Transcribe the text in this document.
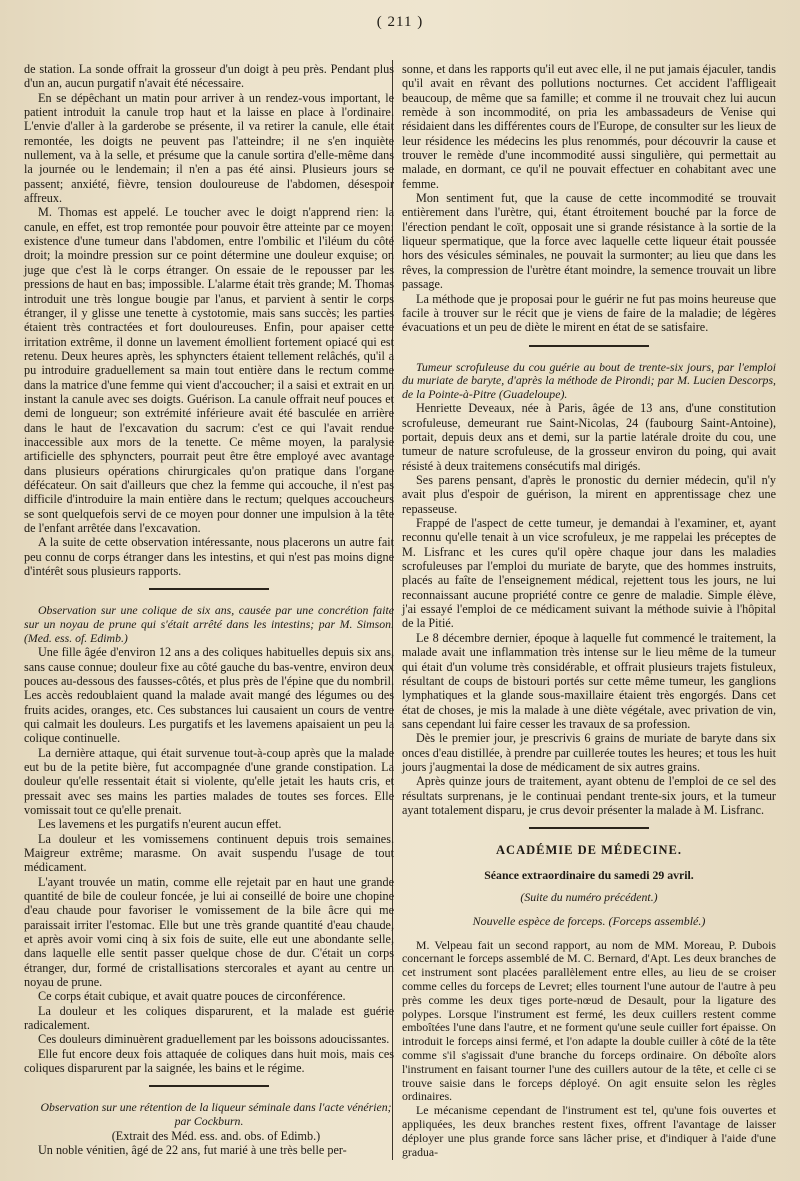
( 211 )

de station. La sonde offrait la grosseur d'un doigt à peu près. Pendant plus d'un an, aucun purgatif n'avait été nécessaire.

En se dépêchant un matin pour arriver à un rendez-vous important, le patient introduit la canule trop haut et la laisse en place à l'ordinaire. L'envie d'aller à la garderobe se présente, il va retirer la canule, elle était remontée, les doigts ne peuvent pas l'atteindre; il ne s'en inquiète nullement, va à la selle, et présume que la canule sortira d'elle-même dans la journée ou le lendemain; il n'en a pas été ainsi. Plusieurs jours se passent; anxiété, fièvre, tension douloureuse de l'abdomen, désespoir affreux.

M. Thomas est appelé. Le toucher avec le doigt n'apprend rien: la canule, en effet, est trop remontée pour pouvoir être atteinte par ce moyen: existence d'une tumeur dans l'abdomen, entre l'ombilic et l'iléum du côté droit; la moindre pression sur ce point détermine une douleur exquise; on juge que c'est là le corps étranger. On essaie de le repousser par les pressions de haut en bas; impossible. L'alarme était très grande; M. Thomas introduit une très longue bougie par l'anus, et parvient à sentir le corps étranger, il y glisse une tenette à cystotomie, mais sans succès; les parties étaient très contractées et fort douloureuses. Enfin, pour apaiser cette irritation extrême, il donne un lavement émollient fortement opiacé qui est retenu. Deux heures après, les sphyncters étaient tellement relâchés, qu'il a pu introduire graduellement sa main tout entière dans le rectum comme dans la matrice d'une femme qui vient d'accoucher; il a saisi et extrait en un instant la canule avec ses doigts. Guérison. La canule offrait neuf pouces et demi de longueur; son extrémité inférieure avait été basculée en arrière dans le haut de l'excavation du sacrum: c'est ce qui l'avait rendue inaccessible aux mors de la tenette. Ce même moyen, la paralysie artificielle des sphyncters, pourrait peut être être employé avec avantage dans plusieurs opérations chirurgicales qu'on pratique dans l'organe défécateur. On sait d'ailleurs que chez la femme qui accouche, il n'est pas difficile d'introduire la main entière dans le rectum; quelques accoucheurs se sont quelquefois servi de ce moyen pour donner une impulsion à la tête de l'enfant arrêtée dans l'excavation.

A la suite de cette observation intéressante, nous placerons un autre fait peu connu de corps étranger dans les intestins, et qui n'est pas moins digne d'intérêt sous plusieurs rapports.

Observation sur une colique de six ans, causée par une concrétion faite sur un noyau de prune qui s'était arrêté dans les intestins; par M. Simson. (Med. ess. of. Edimb.)

Une fille âgée d'environ 12 ans a des coliques habituelles depuis six ans, sans cause connue; douleur fixe au côté gauche du bas-ventre, environ deux pouces au-dessous des fausses-côtés, et plus près de l'épine que du nombril. Les accès redoublaient quand la malade avait mangé des légumes ou des fruits acides, oranges, etc. Ces substances lui causaient un cours de ventre qui calmait les douleurs. Les purgatifs et les lavemens apaisaient un peu la colique continuelle.

La dernière attaque, qui était survenue tout-à-coup après que la malade eut bu de la petite bière, fut accompagnée d'une grande constipation. La douleur qu'elle ressentait était si violente, qu'elle jetait les hauts cris, et pressait avec ses mains les parties malades de toutes ses forces. Elle vomissait tout ce qu'elle prenait.

Les lavemens et les purgatifs n'eurent aucun effet.

La douleur et les vomissemens continuent depuis trois semaines. Maigreur extrême; marasme. On avait suspendu l'usage de tout médicament.

L'ayant trouvée un matin, comme elle rejetait par en haut une grande quantité de bile de couleur foncée, je lui ai conseillé de boire une chopine d'eau chaude pour favoriser le vomissement de la bile âcre qui me paraissait irriter l'estomac. Elle but une très grande quantité d'eau chaude, et après avoir vomi cinq à six fois de suite, elle eut une abondante selle, dans laquelle elle sentit passer quelque chose de dur. C'était un corps étranger, dur, formé de cristallisations stercorales et ayant au centre un noyau de prune.

Ce corps était cubique, et avait quatre pouces de circonférence.

La douleur et les coliques disparurent, et la malade est guérie radicalement.

Ces douleurs diminuèrent graduellement par les boissons adoucissantes.

Elle fut encore deux fois attaquée de coliques dans huit mois, mais ces coliques disparurent par la saignée, les bains et le régime.

Observation sur une rétention de la liqueur séminale dans l'acte vénérien; par Cockburn.

(Extrait des Méd. ess. and. obs. of Edimb.)

Un noble vénitien, âgé de 22 ans, fut marié à une très belle per-

sonne, et dans les rapports qu'il eut avec elle, il ne put jamais éjaculer, tandis qu'il avait en rêvant des pollutions nocturnes. Cet accident l'affligeait beaucoup, de même que sa famille; et comme il ne trouvait chez lui aucun remède à son incommodité, on pria les ambassadeurs de Venise qui résidaient dans les différentes cours de l'Europe, de consulter sur les lieux de leur résidence les médecins les plus renommés, pour découvrir la cause et trouver le remède d'une incommodité aussi singulière, qui permettait au malade, en dormant, ce qu'il ne pouvait effectuer en cohabitant avec une femme.

Mon sentiment fut, que la cause de cette incommodité se trouvait entièrement dans l'urètre, qui, étant étroitement bouché par la force de l'érection pendant le coït, opposait une si grande résistance à la sortie de la liqueur spermatique, que la force avec laquelle cette liqueur était poussée hors des vésicules séminales, ne pouvait la surmonter; au lieu que dans les rêves, la compression de l'urètre étant moindre, la semence trouvait un libre passage.

La méthode que je proposai pour le guérir ne fut pas moins heureuse que facile à trouver sur le récit que je viens de faire de la maladie; de légères évacuations et un peu de diète le mirent en état de se satisfaire.

Tumeur scrofuleuse du cou guérie au bout de trente-six jours, par l'emploi du muriate de baryte, d'après la méthode de Pirondi; par M. Lucien Descorps, de la Pointe-à-Pitre (Guadeloupe).

Henriette Deveaux, née à Paris, âgée de 13 ans, d'une constitution scrofuleuse, demeurant rue Saint-Nicolas, 24 (faubourg Saint-Antoine), portait, depuis deux ans et demi, sur la partie latérale droite du cou, une tumeur de nature scrofuleuse, de la grosseur environ du poing, qui avait résisté à deux traitemens consécutifs mal dirigés.

Ses parens pensant, d'après le pronostic du dernier médecin, qu'il n'y avait plus d'espoir de guérison, la mirent en apprentissage chez une repasseuse.

Frappé de l'aspect de cette tumeur, je demandai à l'examiner, et, ayant reconnu qu'elle tenait à un vice scrofuleux, je me rappelai les préceptes de M. Lisfranc et les cures qu'il opère chaque jour dans les maladies scrofuleuses par l'emploi du muriate de baryte, que des hommes instruits, placés au faîte de l'enseignement médical, rejettent tous les jours, ne lui reconnaissant aucune propriété contre ce genre de maladie. Simple élève, j'ai essayé l'emploi de ce médicament suivant la méthode suivie à l'hôpital de la Pitié.

Le 8 décembre dernier, époque à laquelle fut commencé le traitement, la malade avait une inflammation très intense sur le lieu même de la tumeur qui était d'un volume très considérable, et offrait plusieurs trajets fistuleux, résultant de coups de bistouri portés sur cette même tumeur, les ganglions lymphatiques et la glande sous-maxillaire étaient très engorgés. Dans cet état de choses, je mis la malade à une diète végétale, avec privation de vin, sans cependant lui faire cesser les travaux de sa profession.

Dès le premier jour, je prescrivis 6 grains de muriate de baryte dans six onces d'eau distillée, à prendre par cuillerée toutes les heures; et tous les huit jours j'augmentai la dose de médicament de six autres grains.

Après quinze jours de traitement, ayant obtenu de l'emploi de ce sel des résultats surprenans, je le continuai pendant trente-six jours, et la tumeur ayant totalement disparu, je crus devoir présenter la malade à M. Lisfranc.

ACADÉMIE DE MÉDECINE.
Séance extraordinaire du samedi 29 avril.
(Suite du numéro précédent.)
Nouvelle espèce de forceps. (Forceps assemblé.)

M. Velpeau fait un second rapport, au nom de MM. Moreau, P. Dubois concernant le forceps assemblé de M. C. Bernard, d'Apt. Les deux branches de cet instrument sont placées parallèlement entre elles, au lieu de se croiser comme celles du forceps de Levret; elles tournent l'une autour de l'autre à peu près comme les deux tiges porte-nœud de Desault, pour la ligature des polypes. Lorsque l'instrument est fermé, les deux cuillers restent comme emboîtées l'une dans l'autre, et ne forment qu'une seule cuiller fort épaisse. On introduit le forceps ainsi fermé, et l'on adapte la double cuiller à côté de la tête comme s'il s'agissait d'une branche du forceps ordinaire. On déboîte alors l'instrument en faisant tourner l'une des cuillers autour de la tête, et celle ci se trouve saisie dans le forceps déployé. On agit ensuite selon les règles ordinaires.

Le mécanisme cependant de l'instrument est tel, qu'une fois ouvertes et appliquées, les deux branches restent fixes, offrent l'avantage de laisser déployer une plus grande force sans lâcher prise, et d'indiquer à l'aide d'une gradua-
